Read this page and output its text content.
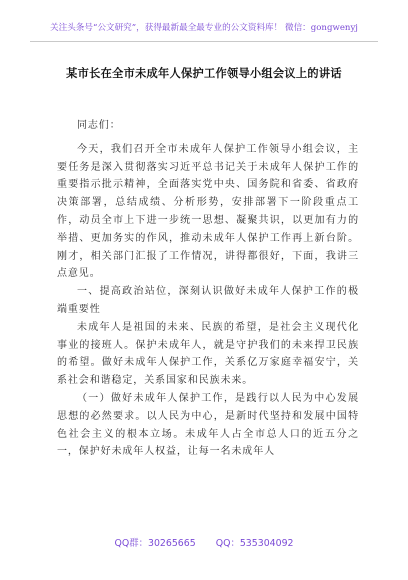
关注头条号“公文研究”，获得最新最全最专业的公文资料库！ 微信：gongwenyj
某市长在全市未成年人保护工作领导小组会议上的讲话

同志们：

今天，我们召开全市未成年人保护工作领导小组会议，主要任务是深入贯彻落实习近平总书记关于未成年人保护工作的重要指示批示精神，全面落实党中央、国务院和省委、省政府决策部署，总结成绩、分析形势，安排部署下一阶段重点工作，动员全市上下进一步统一思想、凝聚共识，以更加有力的举措、更加务实的作风，推动未成年人保护工作再上新台阶。刚才，相关部门汇报了工作情况，讲得都很好，下面，我讲三点意见。

一、提高政治站位，深刻认识做好未成年人保护工作的极端重要性

未成年人是祖国的未来、民族的希望，是社会主义现代化事业的接班人。保护未成年人，就是守护我们的未来捍卫民族的希望。做好未成年人保护工作，关系亿万家庭幸福安宁，关系社会和谐稳定，关系国家和民族未来。

（一）做好未成年人保护工作，是践行以人民为中心发展思想的必然要求。以人民为中心，是新时代坚持和发展中国特色社会主义的根本立场。未成年人占全市总人口的近五分之一，保护好未成年人权益，让每一名未成年人

QQ群：30265665 QQ：535304092
